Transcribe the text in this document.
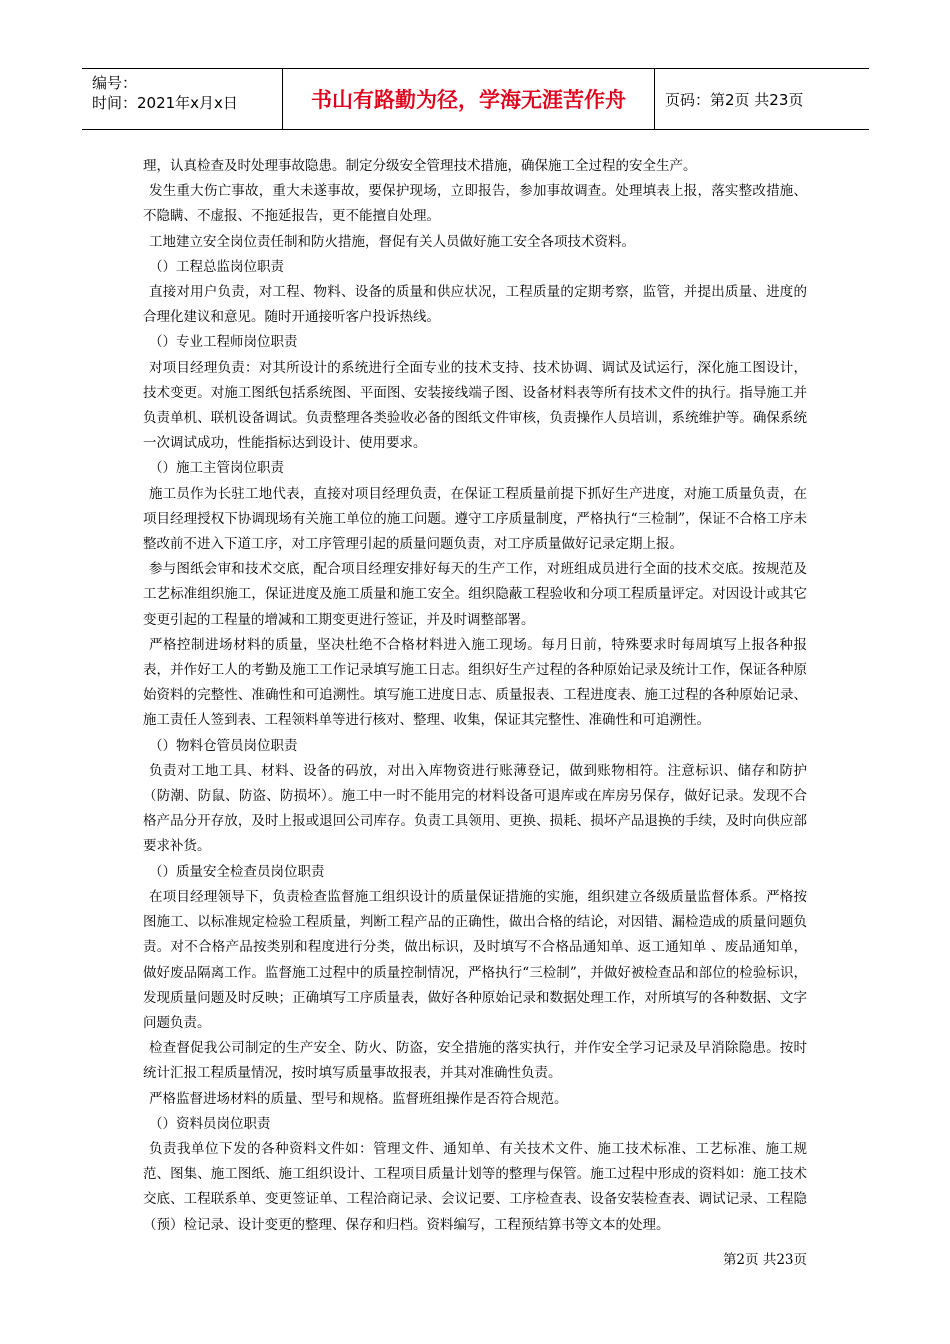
编号：
时间：2021年x月x日	书山有路勤为径，学海无涯苦作舟	页码：第2页 共23页

理，认真检查及时处理事故隐患。制定分级安全管理技术措施，确保施工全过程的安全生产。

发生重大伤亡事故，重大未遂事故，要保护现场，立即报告，参加事故调查。处理填表上报，落实整改措施、不隐瞒、不虚报、不拖延报告，更不能擅自处理。

工地建立安全岗位责任制和防火措施，督促有关人员做好施工安全各项技术资料。

（）工程总监岗位职责

直接对用户负责，对工程、物料、设备的质量和供应状况，工程质量的定期考察，监管，并提出质量、进度的合理化建议和意见。随时开通接听客户投诉热线。

（）专业工程师岗位职责

对项目经理负责：对其所设计的系统进行全面专业的技术支持、技术协调、调试及试运行，深化施工图设计，技术变更。对施工图纸包括系统图、平面图、安装接线端子图、设备材料表等所有技术文件的执行。指导施工并负责单机、联机设备调试。负责整理各类验收必备的图纸文件审核，负责操作人员培训，系统维护等。确保系统一次调试成功，性能指标达到设计、使用要求。

（）施工主管岗位职责

施工员作为长驻工地代表，直接对项目经理负责，在保证工程质量前提下抓好生产进度，对施工质量负责，在项目经理授权下协调现场有关施工单位的施工问题。遵守工序质量制度，严格执行“三检制”，保证不合格工序未整改前不进入下道工序，对工序管理引起的质量问题负责，对工序质量做好记录定期上报。

参与图纸会审和技术交底，配合项目经理安排好每天的生产工作，对班组成员进行全面的技术交底。按规范及工艺标准组织施工，保证进度及施工质量和施工安全。组织隐蔽工程验收和分项工程质量评定。对因设计或其它变更引起的工程量的增减和工期变更进行签证，并及时调整部署。

严格控制进场材料的质量，坚决杜绝不合格材料进入施工现场。每月日前，特殊要求时每周填写上报各种报表，并作好工人的考勤及施工工作记录填写施工日志。组织好生产过程的各种原始记录及统计工作，保证各种原始资料的完整性、准确性和可追溯性。填写施工进度日志、质量报表、工程进度表、施工过程的各种原始记录、施工责任人签到表、工程领料单等进行核对、整理、收集，保证其完整性、准确性和可追溯性。

（）物料仓管员岗位职责

负责对工地工具、材料、设备的码放，对出入库物资进行账薄登记，做到账物相符。注意标识、储存和防护（防潮、防鼠、防盗、防损坏）。施工中一时不能用完的材料设备可退库或在库房另保存，做好记录。发现不合格产品分开存放，及时上报或退回公司库存。负责工具领用、更换、损耗、损坏产品退换的手续，及时向供应部要求补货。

（）质量安全检查员岗位职责

在项目经理领导下，负责检查监督施工组织设计的质量保证措施的实施，组织建立各级质量监督体系。严格按图施工、以标准规定检验工程质量，判断工程产品的正确性，做出合格的结论，对因错、漏检造成的质量问题负责。对不合格产品按类别和程度进行分类，做出标识，及时填写不合格品通知单、返工通知单 、废品通知单，做好废品隔离工作。监督施工过程中的质量控制情况，严格执行“三检制”，并做好被检查品和部位的检验标识，发现质量问题及时反映；正确填写工序质量表，做好各种原始记录和数据处理工作，对所填写的各种数据、文字问题负责。

检查督促我公司制定的生产安全、防火、防盗，安全措施的落实执行，并作安全学习记录及早消除隐患。按时统计汇报工程质量情况，按时填写质量事故报表，并其对准确性负责。

严格监督进场材料的质量、型号和规格。监督班组操作是否符合规范。

（）资料员岗位职责

负责我单位下发的各种资料文件如：管理文件、通知单、有关技术文件、施工技术标准、工艺标准、施工规范、图集、施工图纸、施工组织设计、工程项目质量计划等的整理与保管。施工过程中形成的资料如：施工技术交底、工程联系单、变更签证单、工程洽商记录、会议记要、工序检查表、设备安装检查表、调试记录、工程隐（预）检记录、设计变更的整理、保存和归档。资料编写，工程预结算书等文本的处理。

第2页 共23页
